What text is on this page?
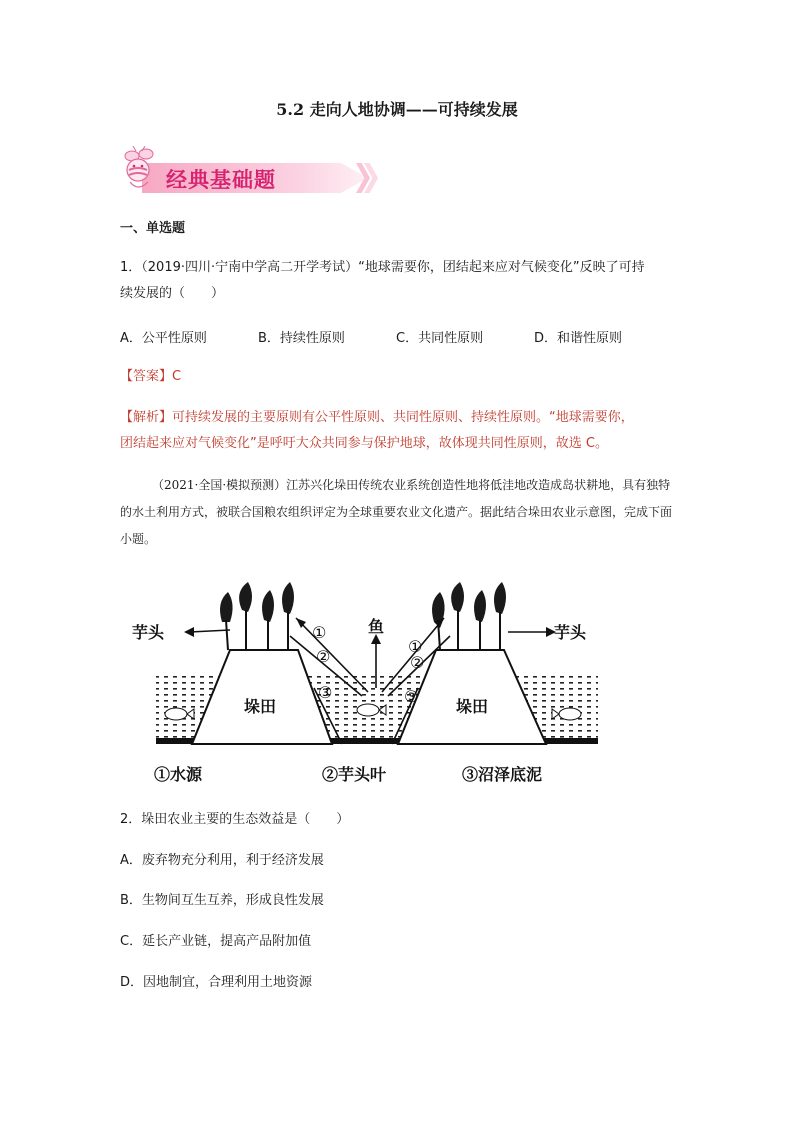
5.2 走向人地协调——可持续发展
经典基础题
一、单选题
1．（2019·四川·宁南中学高二开学考试）“地球需要你，团结起来应对气候变化”反映了可持
续发展的（　　）
A．公平性原则	B．持续性原则	C．共同性原则	D．和谐性原则
【答案】C
【解析】可持续发展的主要原则有公平性原则、共同性原则、持续性原则。“地球需要你，
团结起来应对气候变化”是呼吁大众共同参与保护地球，故体现共同性原则，故选 C。
（2021·全国·模拟预测）江苏兴化垛田传统农业系统创造性地将低洼地改造成岛状耕地，具有独特的水土利用方式，被联合国粮农组织评定为全球重要农业文化遗产。据此结合垛田农业示意图，完成下面小题。
①
②
③
①
②
③
芋头	芋头
鱼
垛田	垛田
①水源	②芋头叶	③沼泽底泥
2．垛田农业主要的生态效益是（　　）
A．废弃物充分利用，利于经济发展
B．生物间互生互养，形成良性发展
C．延长产业链，提高产品附加值
D．因地制宜，合理利用土地资源
